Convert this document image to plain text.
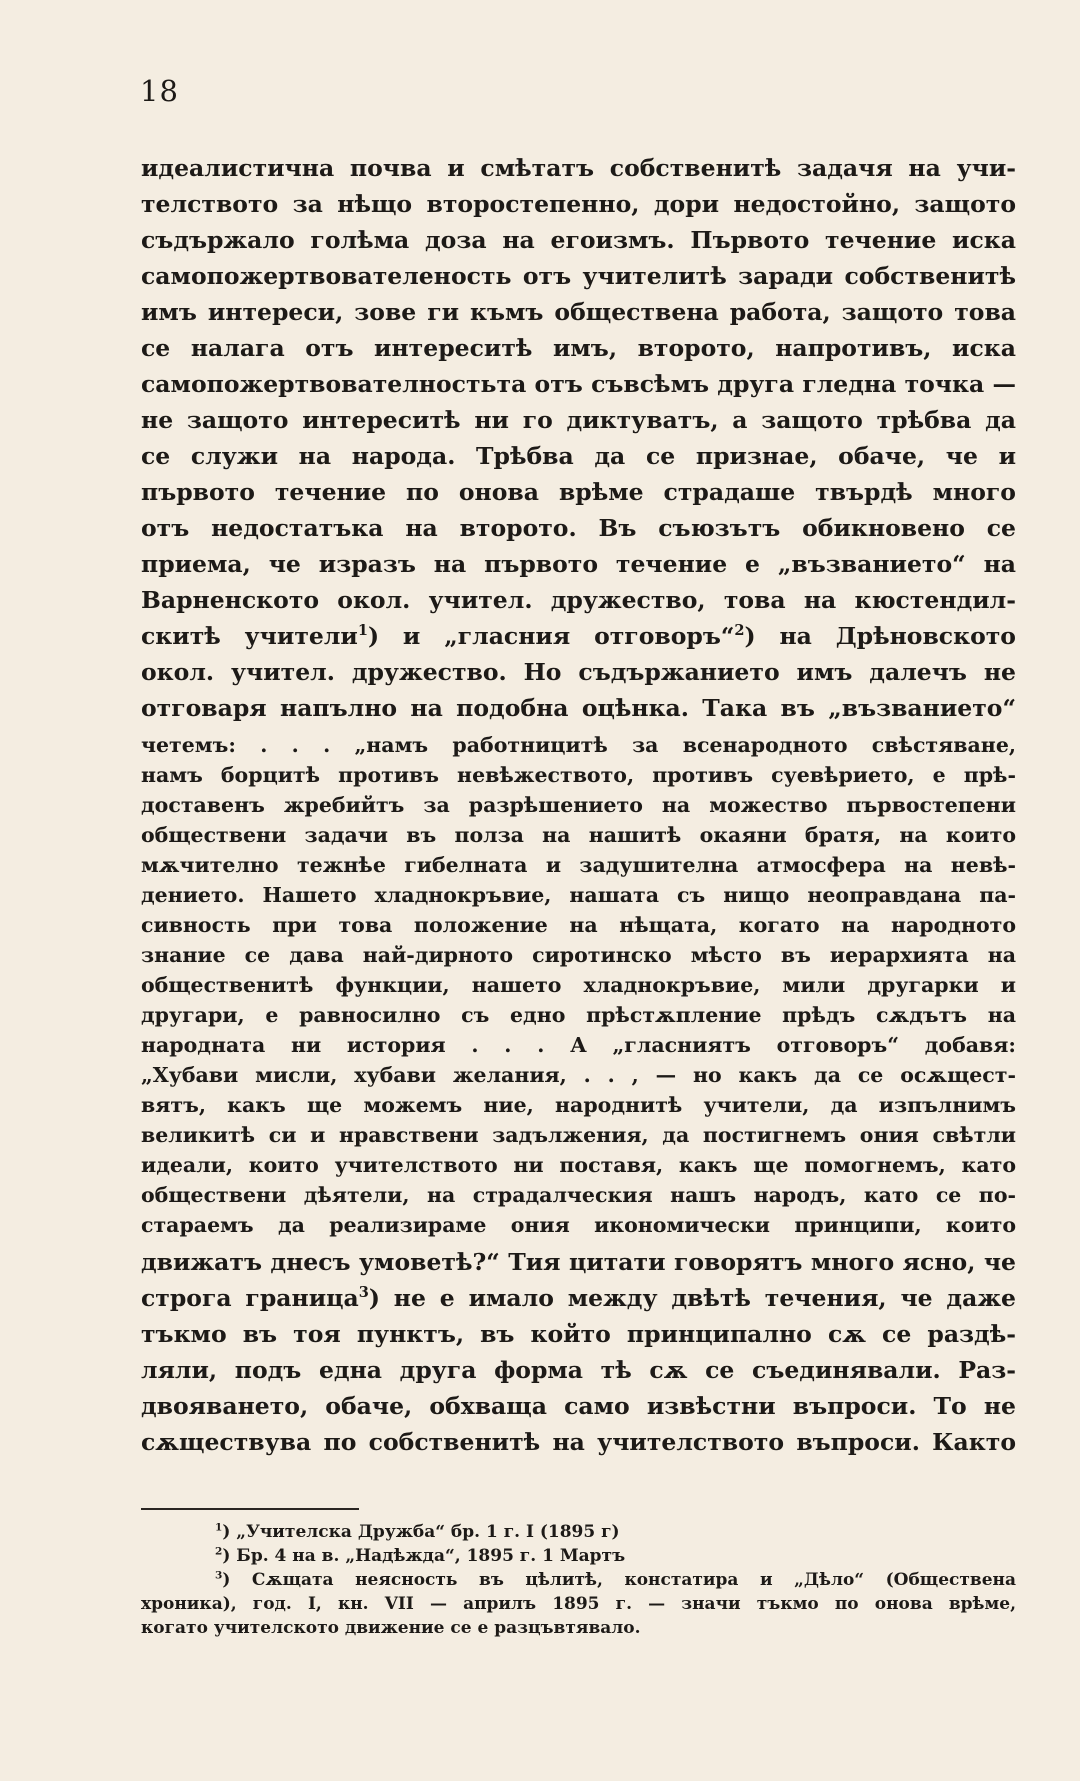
18
идеалистична почва и смѣтатъ собственитѣ задачя на учи-
телството за нѣщо второстепенно, дори недостойно, защото
съдържало голѣма доза на егоизмъ. Първото течение иска
самопожертвователеность отъ учителитѣ заради собственитѣ
имъ интереси, зове ги къмъ обществена работа, защото това
се налага отъ интереситѣ имъ, второто, напротивъ, иска
самопожертвователностьта отъ съвсѣмъ друга гледна точка —
не защото интереситѣ ни го диктуватъ, а защото трѣбва да
се служи на народа. Трѣбва да се признае, обаче, че и
първото течение по онова врѣме страдаше твърдѣ много
отъ недостатъка на второто. Въ съюзътъ обикновено се
приема, че изразъ на първото течение е „възванието“ на
Варненското окол. учител. дружество, това на кюстендил-
скитѣ учители$^1$) и „гласния отговоръ“$^2$) на Дрѣновското
окол. учител. дружество. Но съдържанието имъ далечъ не
отговаря напълно на подобна оцѣнка. Така въ „възванието“
четемъ: . . . „намъ работницитѣ за всенародното свѣстяване,
намъ борцитѣ противъ невѣжеството, противъ суевѣрието, е прѣ-
доставенъ жребийтъ за разрѣшението на можество първостепени
обществени задачи въ полза на нашитѣ окаяни братя, на които
мѫчително тежнѣе гибелната и задушителна атмосфера на невѣ-
дението. Нашето хладнокръвие, нашата съ нищо неоправдана па-
сивность при това положение на нѣщата, когато на народното
знание се дава най-дирното сиротинско мѣсто въ иерархията на
общественитѣ функции, нашето хладнокръвие, мили другарки и
другари, е равносилно съ едно прѣстѫпление прѣдъ сѫдътъ на
народната ни история . . . А „гласниятъ отговоръ“ добавя:
„Хубави мисли, хубави желания, . . , — но какъ да се осѫщест-
вятъ, какъ ще можемъ ние, народнитѣ учители, да изпълнимъ
великитѣ си и нравствени задължения, да постигнемъ ония свѣтли
идеали, които учителството ни поставя, какъ ще помогнемъ, като
обществени дѣятели, на страдалческия нашъ народъ, като се по-
стараемъ да реализираме ония икономически принципи, които
движатъ днесъ умоветѣ?“ Тия цитати говорятъ много ясно, че
строга граница$^3$) не е имало между двѣтѣ течения, че даже
тъкмо въ тоя пунктъ, въ който принципално сѫ се раздѣ-
ляли, подъ една друга форма тѣ сѫ се съединявали. Раз-
двояването, обаче, обхваща само извѣстни въпроси. То не
сѫществува по собственитѣ на учителството въпроси. Както
$^1$) „Учителска Дружба“ бр. 1 г. I (1895 г)
$^2$) Бр. 4 на в. „Надѣжда“, 1895 г. 1 Мартъ
$^3$) Сѫщата неясность въ цѣлитѣ, констатира и „Дѣло“ (Обществена
хроника), год. I, кн. VII — априлъ 1895 г. — значи тъкмо по онова врѣме,
когато учителското движение се е разцъвтявало.
